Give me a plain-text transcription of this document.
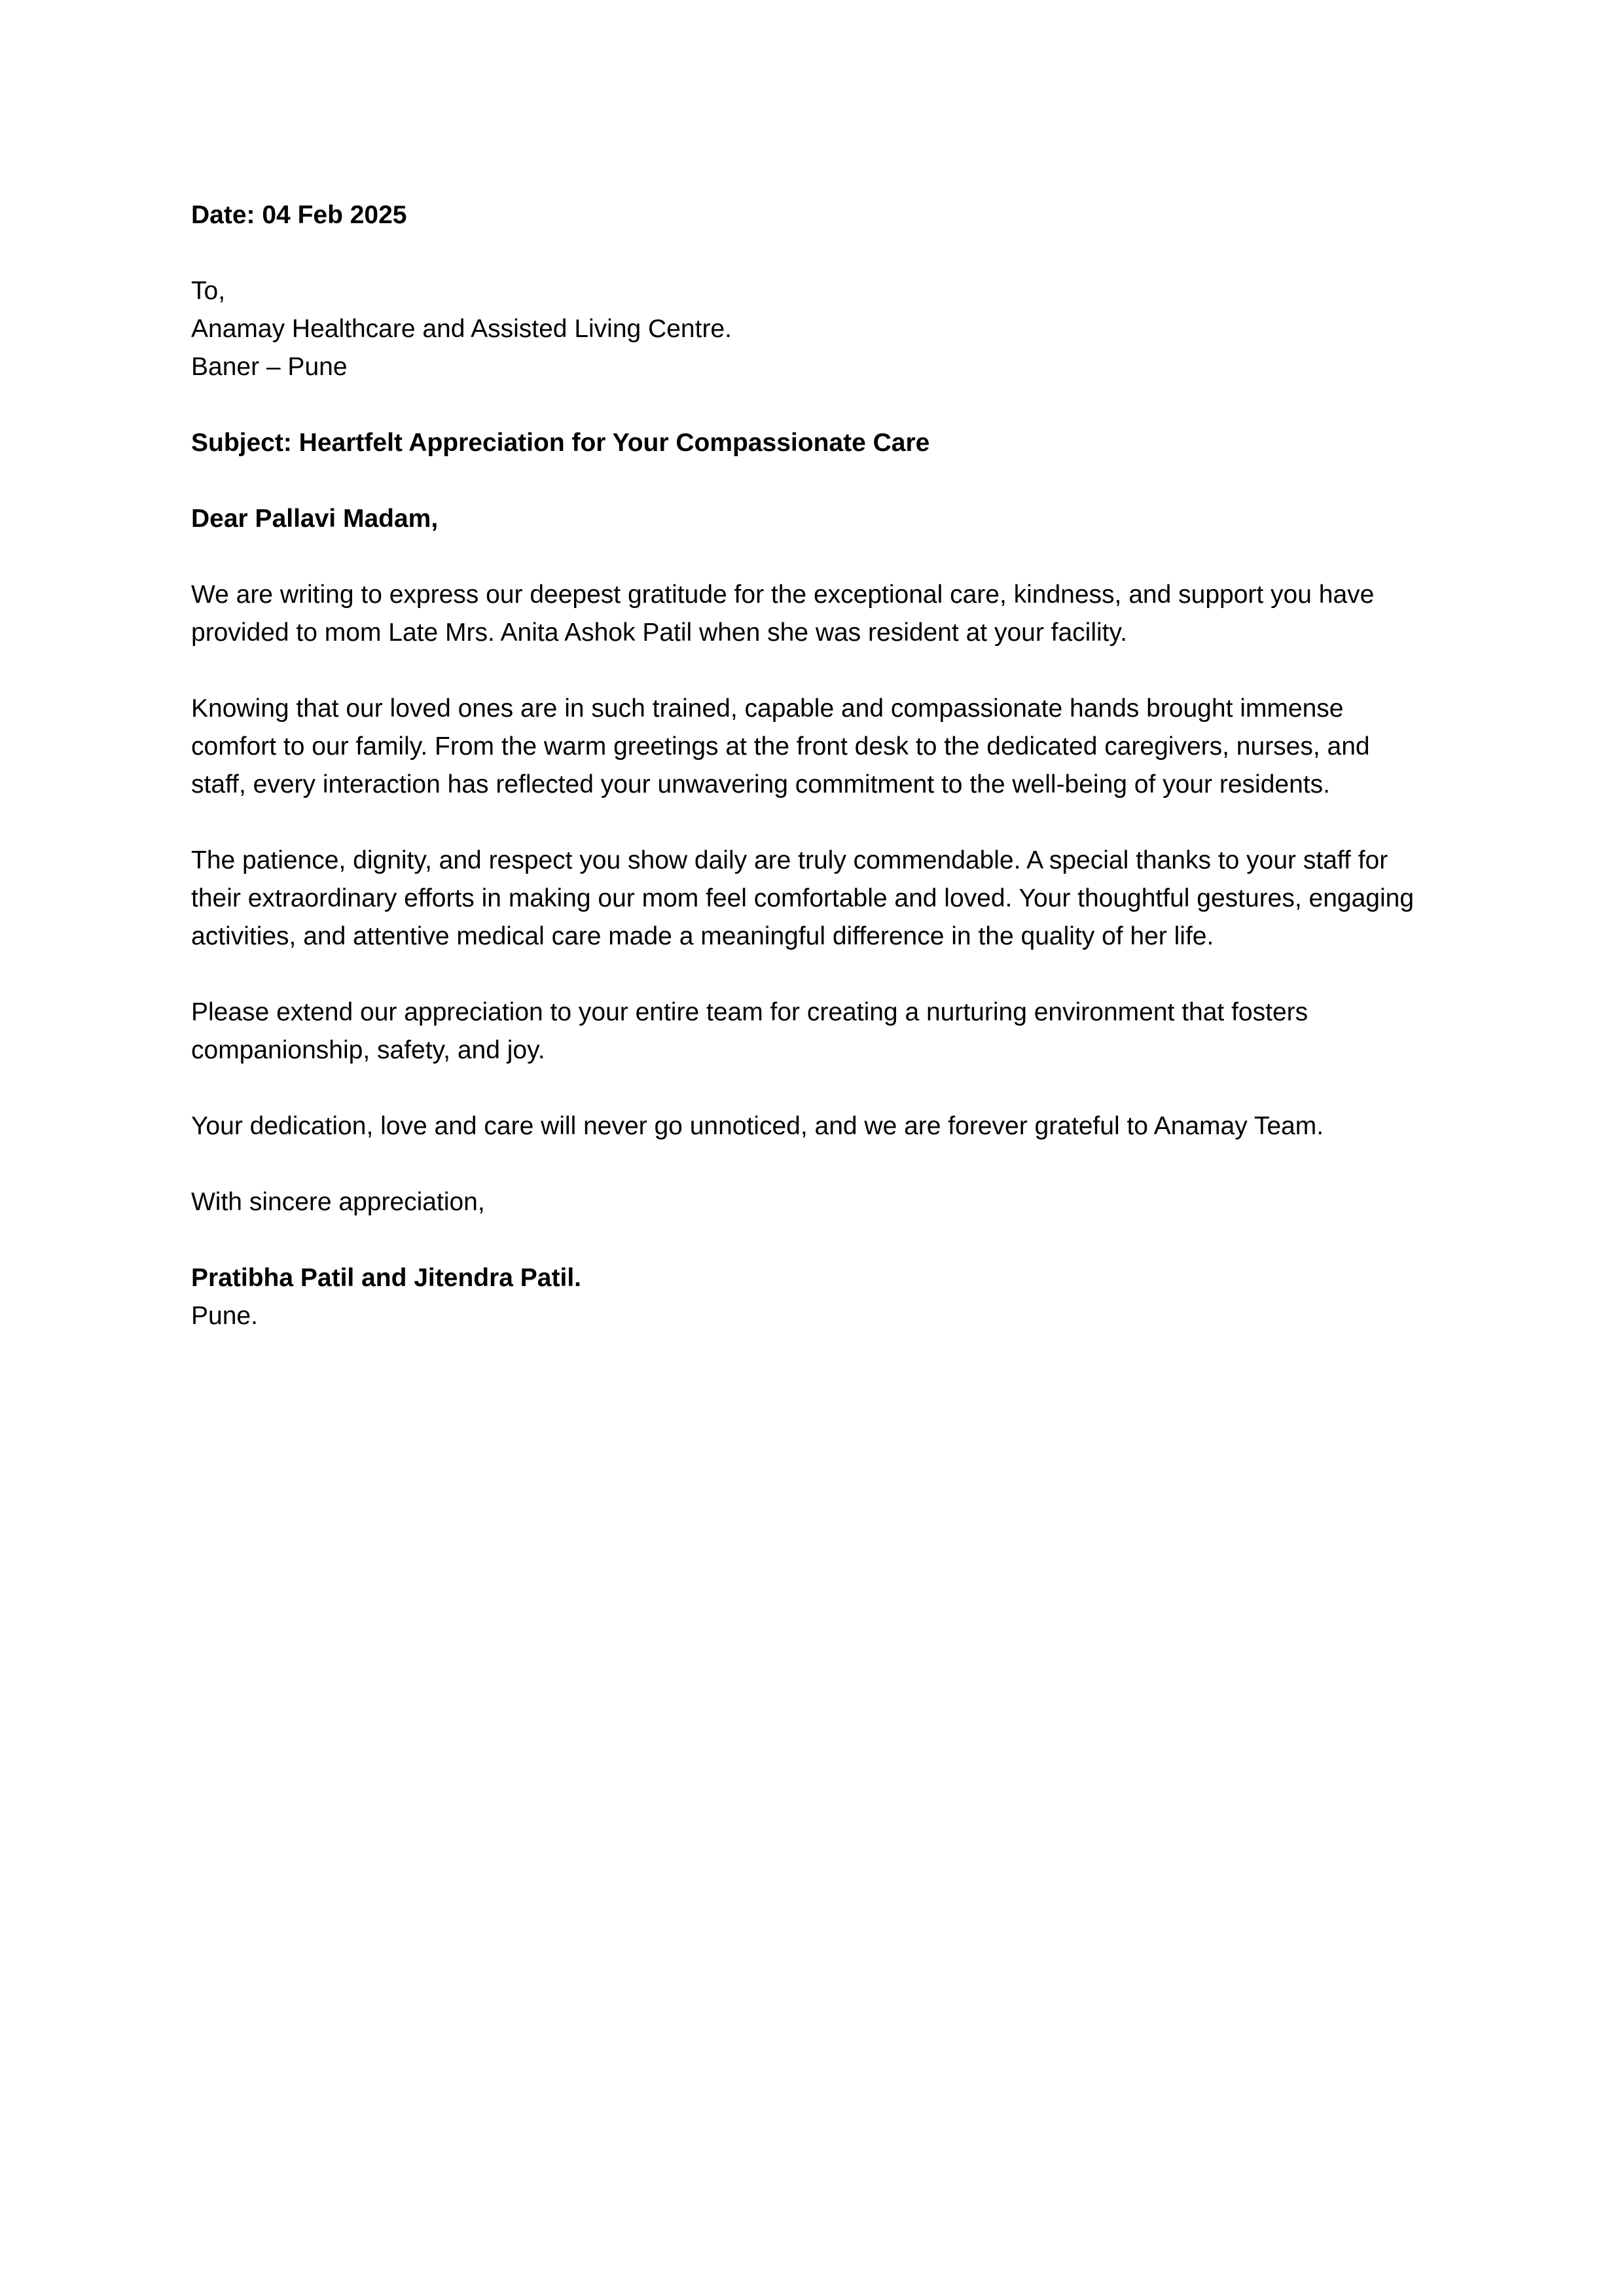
Date: 04 Feb 2025

To,
Anamay Healthcare and Assisted Living Centre.
Baner – Pune

Subject: Heartfelt Appreciation for Your Compassionate Care

Dear Pallavi Madam,

We are writing to express our deepest gratitude for the exceptional care, kindness, and support you have provided to mom Late Mrs. Anita Ashok Patil when she was resident at your facility.

Knowing that our loved ones are in such trained, capable and compassionate hands brought immense comfort to our family. From the warm greetings at the front desk to the dedicated caregivers, nurses, and staff, every interaction has reflected your unwavering commitment to the well-being of your residents.

The patience, dignity, and respect you show daily are truly commendable. A special thanks to your staff for their extraordinary efforts in making our mom feel comfortable and loved. Your thoughtful gestures, engaging activities, and attentive medical care made a meaningful difference in the quality of her life.

Please extend our appreciation to your entire team for creating a nurturing environment that fosters companionship, safety, and joy.

Your dedication, love and care will never go unnoticed, and we are forever grateful to Anamay Team.

With sincere appreciation,

Pratibha Patil and Jitendra Patil.
Pune.
